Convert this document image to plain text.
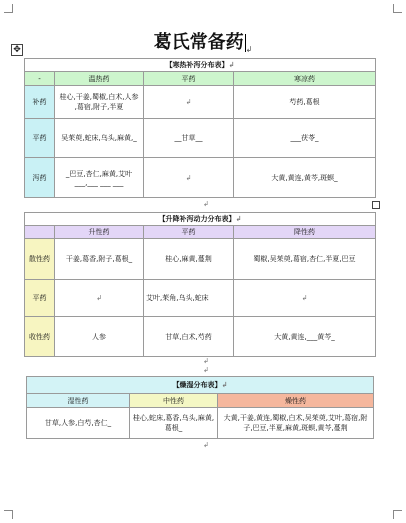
葛氏常备药 ↲
✥
【寒热补泻分布表】↲			
-	温热药	平药	寒凉药
补药	桂心,干姜,蜀椒,白术,人参
,葛宿,附子,半夏	↲	芍药,葛根
平药	吴茱萸,蛇床,乌头,麻黄,_	__甘草__	___茯苓_
泻药	_巴豆,杏仁,麻黄,艾叶
___,___ ___ ___	↲	大黄,黄连,黄芩,斑螟_
↲
【升降补泻动力分布表】↲			
	升性药	平药	降性药
散性药	干姜,葛香,附子,葛根_	桂心,麻黄,蔓荆	蜀椒,吴茱萸,葛宿,杏仁,半夏,巴豆
平药	↲	艾叶,茱角,乌头,蛇床	↲
收性药	人参	甘草,白术,芍药	大黄,黄连,___黄芩_
↲
↲
【燥湿分布表】↲		
湿性药	中性药	燥性药
甘草,人参,白芍,杏仁_	桂心,蛇床,葛香,乌头,麻黄,葛根_	大黄,干姜,黄连,蜀椒,白术,吴茱萸,艾叶,葛宿,附子,巴豆,半夏,麻黄,斑螟,黄芩,蔓荆
↲
